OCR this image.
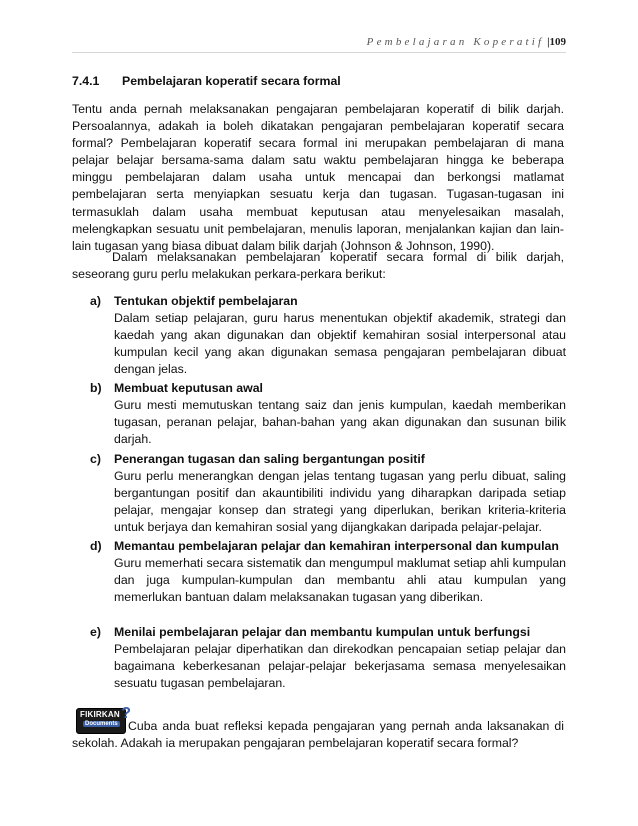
Pembelajaran Koperatif |109
7.4.1 Pembelajaran koperatif secara formal

Tentu anda pernah melaksanakan pengajaran pembelajaran koperatif di bilik darjah. Persoalannya, adakah ia boleh dikatakan pengajaran pembelajaran koperatif secara formal? Pembelajaran koperatif secara formal ini merupakan pembelajaran di mana pelajar belajar bersama-sama dalam satu waktu pembelajaran hingga ke beberapa minggu pembelajaran dalam usaha untuk mencapai dan berkongsi matlamat pembelajaran serta menyiapkan sesuatu kerja dan tugasan. Tugasan-tugasan ini termasuklah dalam usaha membuat keputusan atau menyelesaikan masalah, melengkapkan sesuatu unit pembelajaran, menulis laporan, menjalankan kajian dan lain-lain tugasan yang biasa dibuat dalam bilik darjah (Johnson & Johnson, 1990).

Dalam melaksanakan pembelajaran koperatif secara formal di bilik darjah, seseorang guru perlu melakukan perkara-perkara berikut:

a) Tentukan objektif pembelajaran
Dalam setiap pelajaran, guru harus menentukan objektif akademik, strategi dan kaedah yang akan digunakan dan objektif kemahiran sosial interpersonal atau kumpulan kecil yang akan digunakan semasa pengajaran pembelajaran dibuat dengan jelas.
b) Membuat keputusan awal
Guru mesti memutuskan tentang saiz dan jenis kumpulan, kaedah memberikan tugasan, peranan pelajar, bahan-bahan yang akan digunakan dan susunan bilik darjah.
c) Penerangan tugasan dan saling bergantungan positif
Guru perlu menerangkan dengan jelas tentang tugasan yang perlu dibuat, saling bergantungan positif dan akauntibiliti individu yang diharapkan daripada setiap pelajar, mengajar konsep dan strategi yang diperlukan, berikan kriteria-kriteria untuk berjaya dan kemahiran sosial yang dijangkakan daripada pelajar-pelajar.
d) Memantau pembelajaran pelajar dan kemahiran interpersonal dan kumpulan
Guru memerhati secara sistematik dan mengumpul maklumat setiap ahli kumpulan dan juga kumpulan-kumpulan dan membantu ahli atau kumpulan yang memerlukan bantuan dalam melaksanakan tugasan yang diberikan.
e) Menilai pembelajaran pelajar dan membantu kumpulan untuk berfungsi
Pembelajaran pelajar diperhatikan dan direkodkan pencapaian setiap pelajar dan bagaimana keberkesanan pelajar-pelajar bekerjasama semasa menyelesaikan sesuatu tugasan pembelajaran.
FIKIRKAN
Documents
?
Cuba anda buat refleksi kepada pengajaran yang pernah anda laksanakan di sekolah. Adakah ia merupakan pengajaran pembelajaran koperatif secara formal?
